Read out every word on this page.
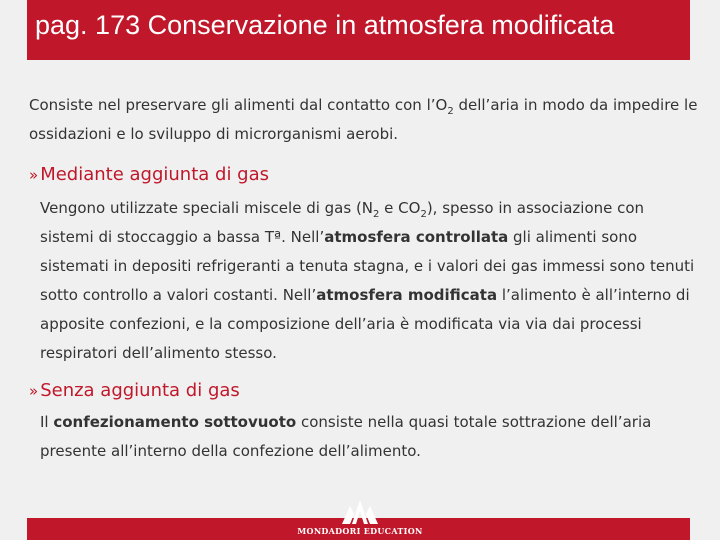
pag. 173 Conservazione in atmosfera modificata

Consiste nel preservare gli alimenti dal contatto con $l’O_2$ dell’aria in modo da impedire le ossidazioni e lo sviluppo di microrganismi aerobi.

» Mediante aggiunta di gas

Vengono utilizzate speciali miscele di gas ($N_2$ e $CO_2$), spesso in associazione con sistemi di stoccaggio a bassa Tª. Nell’atmosfera controllata gli alimenti sono sistemati in depositi refrigeranti a tenuta stagna, e i valori dei gas immessi sono tenuti sotto controllo a valori costanti. Nell’atmosfera modificata l’alimento è all’interno di apposite confezioni, e la composizione dell’aria è modificata via via dai processi respiratori dell’alimento stesso.

» Senza aggiunta di gas

Il confezionamento sottovuoto consiste nella quasi totale sottrazione dell’aria presente all’interno della confezione dell’alimento.

MONDADORI EDUCATION
